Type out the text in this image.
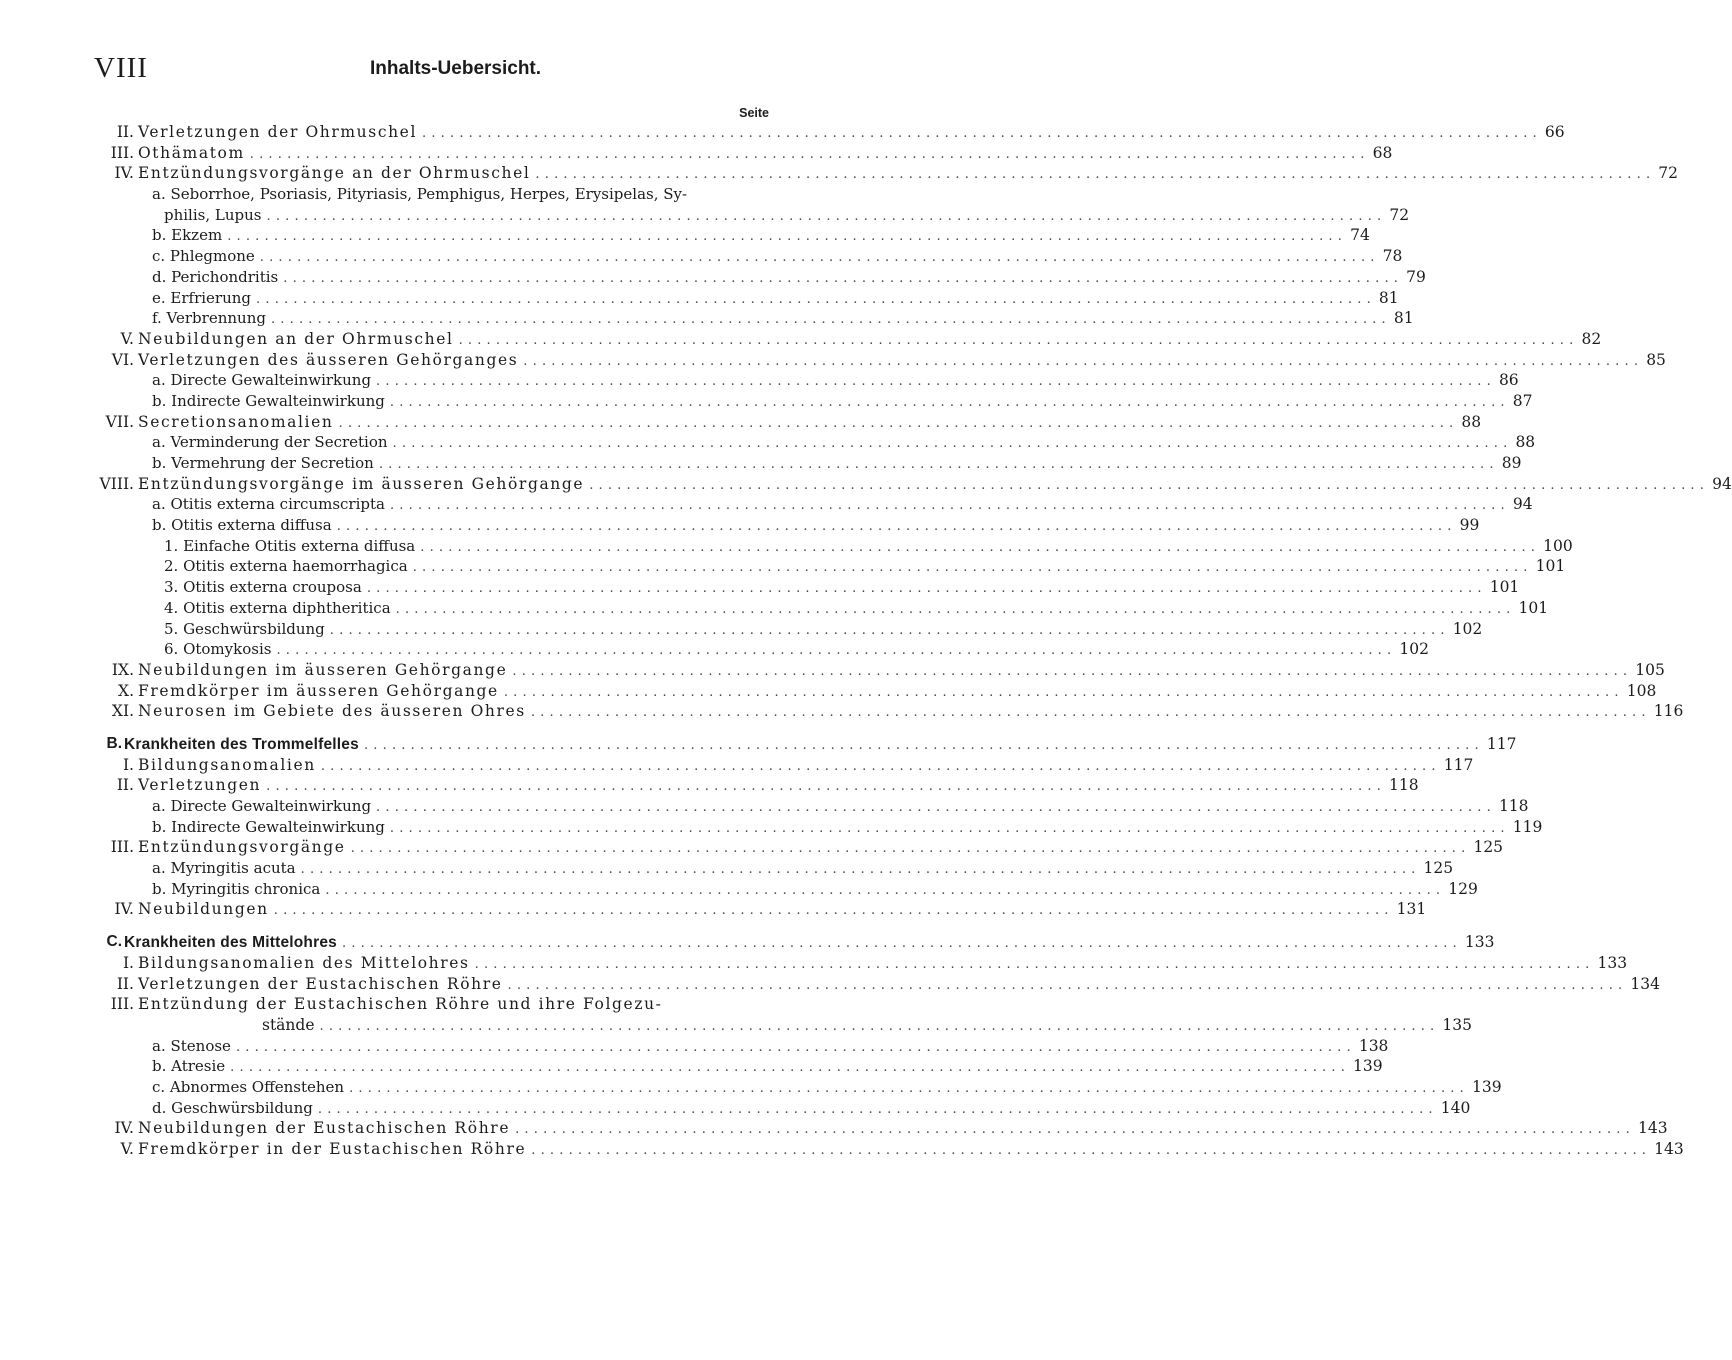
VIII	Inhalts-Uebersicht.
Seite
II. Verletzungen der Ohrmuschel ........................................................................................................................ 66
III. Othämatom ........................................................................................................................ 68
IV. Entzündungsvorgänge an der Ohrmuschel ........................................................................................................................ 72
a. Seborrhoe, Psoriasis, Pityriasis, Pemphigus, Herpes, Erysipelas, Sy-
philis, Lupus ........................................................................................................................ 72
b. Ekzem ........................................................................................................................ 74
c. Phlegmone ........................................................................................................................ 78
d. Perichondritis ........................................................................................................................ 79
e. Erfrierung ........................................................................................................................ 81
f. Verbrennung ........................................................................................................................ 81
V. Neubildungen an der Ohrmuschel ........................................................................................................................ 82
VI. Verletzungen des äusseren Gehörganges ........................................................................................................................ 85
a. Directe Gewalteinwirkung ........................................................................................................................ 86
b. Indirecte Gewalteinwirkung ........................................................................................................................ 87
VII. Secretionsanomalien ........................................................................................................................ 88
a. Verminderung der Secretion ........................................................................................................................ 88
b. Vermehrung der Secretion ........................................................................................................................ 89
VIII. Entzündungsvorgänge im äusseren Gehörgange ........................................................................................................................ 94
a. Otitis externa circumscripta ........................................................................................................................ 94
b. Otitis externa diffusa ........................................................................................................................ 99
1. Einfache Otitis externa diffusa ........................................................................................................................ 100
2. Otitis externa haemorrhagica ........................................................................................................................ 101
3. Otitis externa crouposa ........................................................................................................................ 101
4. Otitis externa diphtheritica ........................................................................................................................ 101
5. Geschwürsbildung ........................................................................................................................ 102
6. Otomykosis ........................................................................................................................ 102
IX. Neubildungen im äusseren Gehörgange ........................................................................................................................ 105
X. Fremdkörper im äusseren Gehörgange ........................................................................................................................ 108
XI. Neurosen im Gebiete des äusseren Ohres ........................................................................................................................ 116
B. Krankheiten des Trommelfelles ........................................................................................................................ 117
I. Bildungsanomalien ........................................................................................................................ 117
II. Verletzungen ........................................................................................................................ 118
a. Directe Gewalteinwirkung ........................................................................................................................ 118
b. Indirecte Gewalteinwirkung ........................................................................................................................ 119
III. Entzündungsvorgänge ........................................................................................................................ 125
a. Myringitis acuta ........................................................................................................................ 125
b. Myringitis chronica ........................................................................................................................ 129
IV. Neubildungen ........................................................................................................................ 131
C. Krankheiten des Mittelohres ........................................................................................................................ 133
I. Bildungsanomalien des Mittelohres ........................................................................................................................ 133
II. Verletzungen der Eustachischen Röhre ........................................................................................................................ 134
III. Entzündung der Eustachischen Röhre und ihre Folgezu-
stände ........................................................................................................................ 135
a. Stenose ........................................................................................................................ 138
b. Atresie ........................................................................................................................ 139
c. Abnormes Offenstehen ........................................................................................................................ 139
d. Geschwürsbildung ........................................................................................................................ 140
IV. Neubildungen der Eustachischen Röhre ........................................................................................................................ 143
V. Fremdkörper in der Eustachischen Röhre ........................................................................................................................ 143
